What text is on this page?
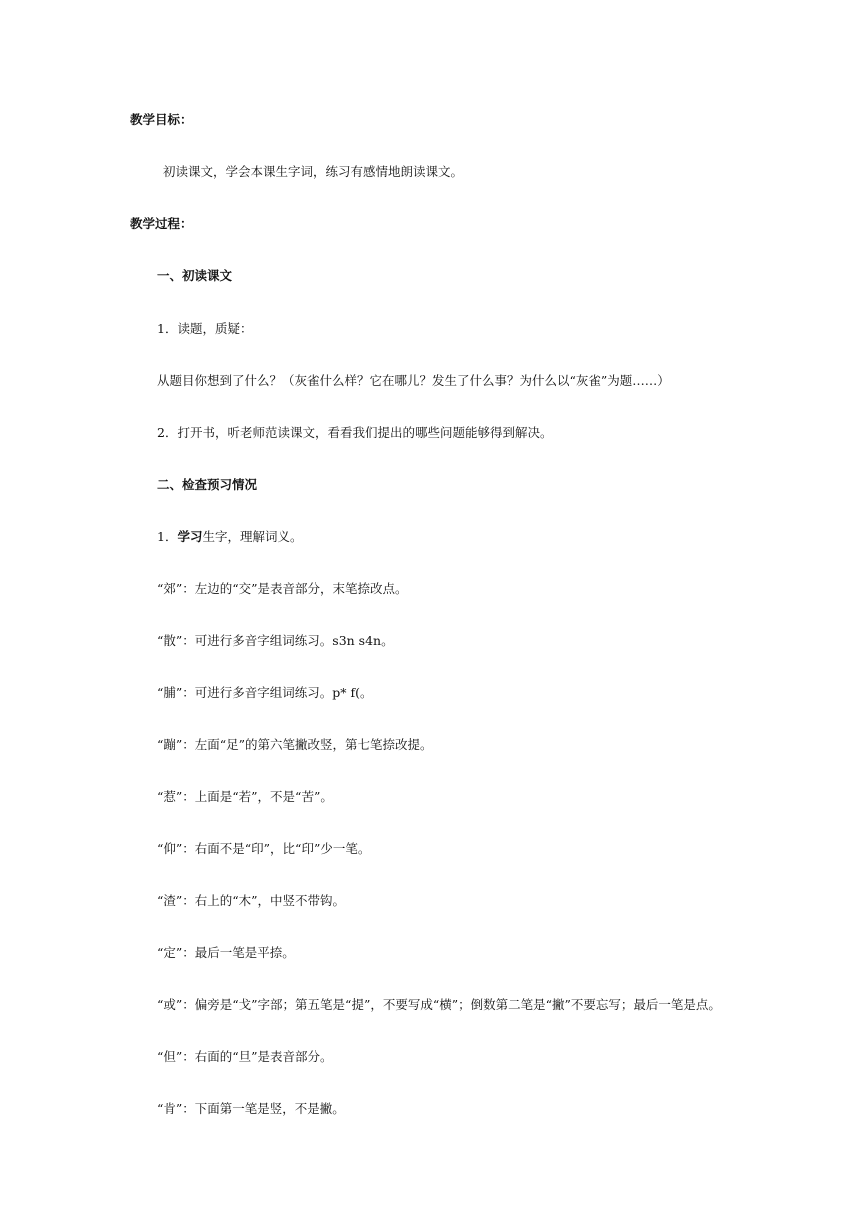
教学目标：
初读课文，学会本课生字词，练习有感情地朗读课文。
教学过程：
一、初读课文
1．读题，质疑：
从题目你想到了什么？（灰雀什么样？它在哪儿？发生了什么事？为什么以“灰雀”为题……）
2．打开书，听老师范读课文，看看我们提出的哪些问题能够得到解决。
二、检查预习情况
1．学习生字，理解词义。
“郊”：左边的“交”是表音部分，末笔捺改点。
“散”：可进行多音字组词练习。s3n s4n。
“脯”：可进行多音字组词练习。p* f(。
“蹦”：左面“足”的第六笔撇改竖，第七笔捺改提。
“惹”：上面是“若”，不是“苦”。
“仰”：右面不是“印”，比“印”少一笔。
“渣”：右上的“木”，中竖不带钩。
“定”：最后一笔是平捺。
“或”：偏旁是“戈”字部；第五笔是“提”，不要写成“横”；倒数第二笔是“撇”不要忘写；最后一笔是点。
“但”：右面的“旦”是表音部分。
“肯”：下面第一笔是竖，不是撇。
